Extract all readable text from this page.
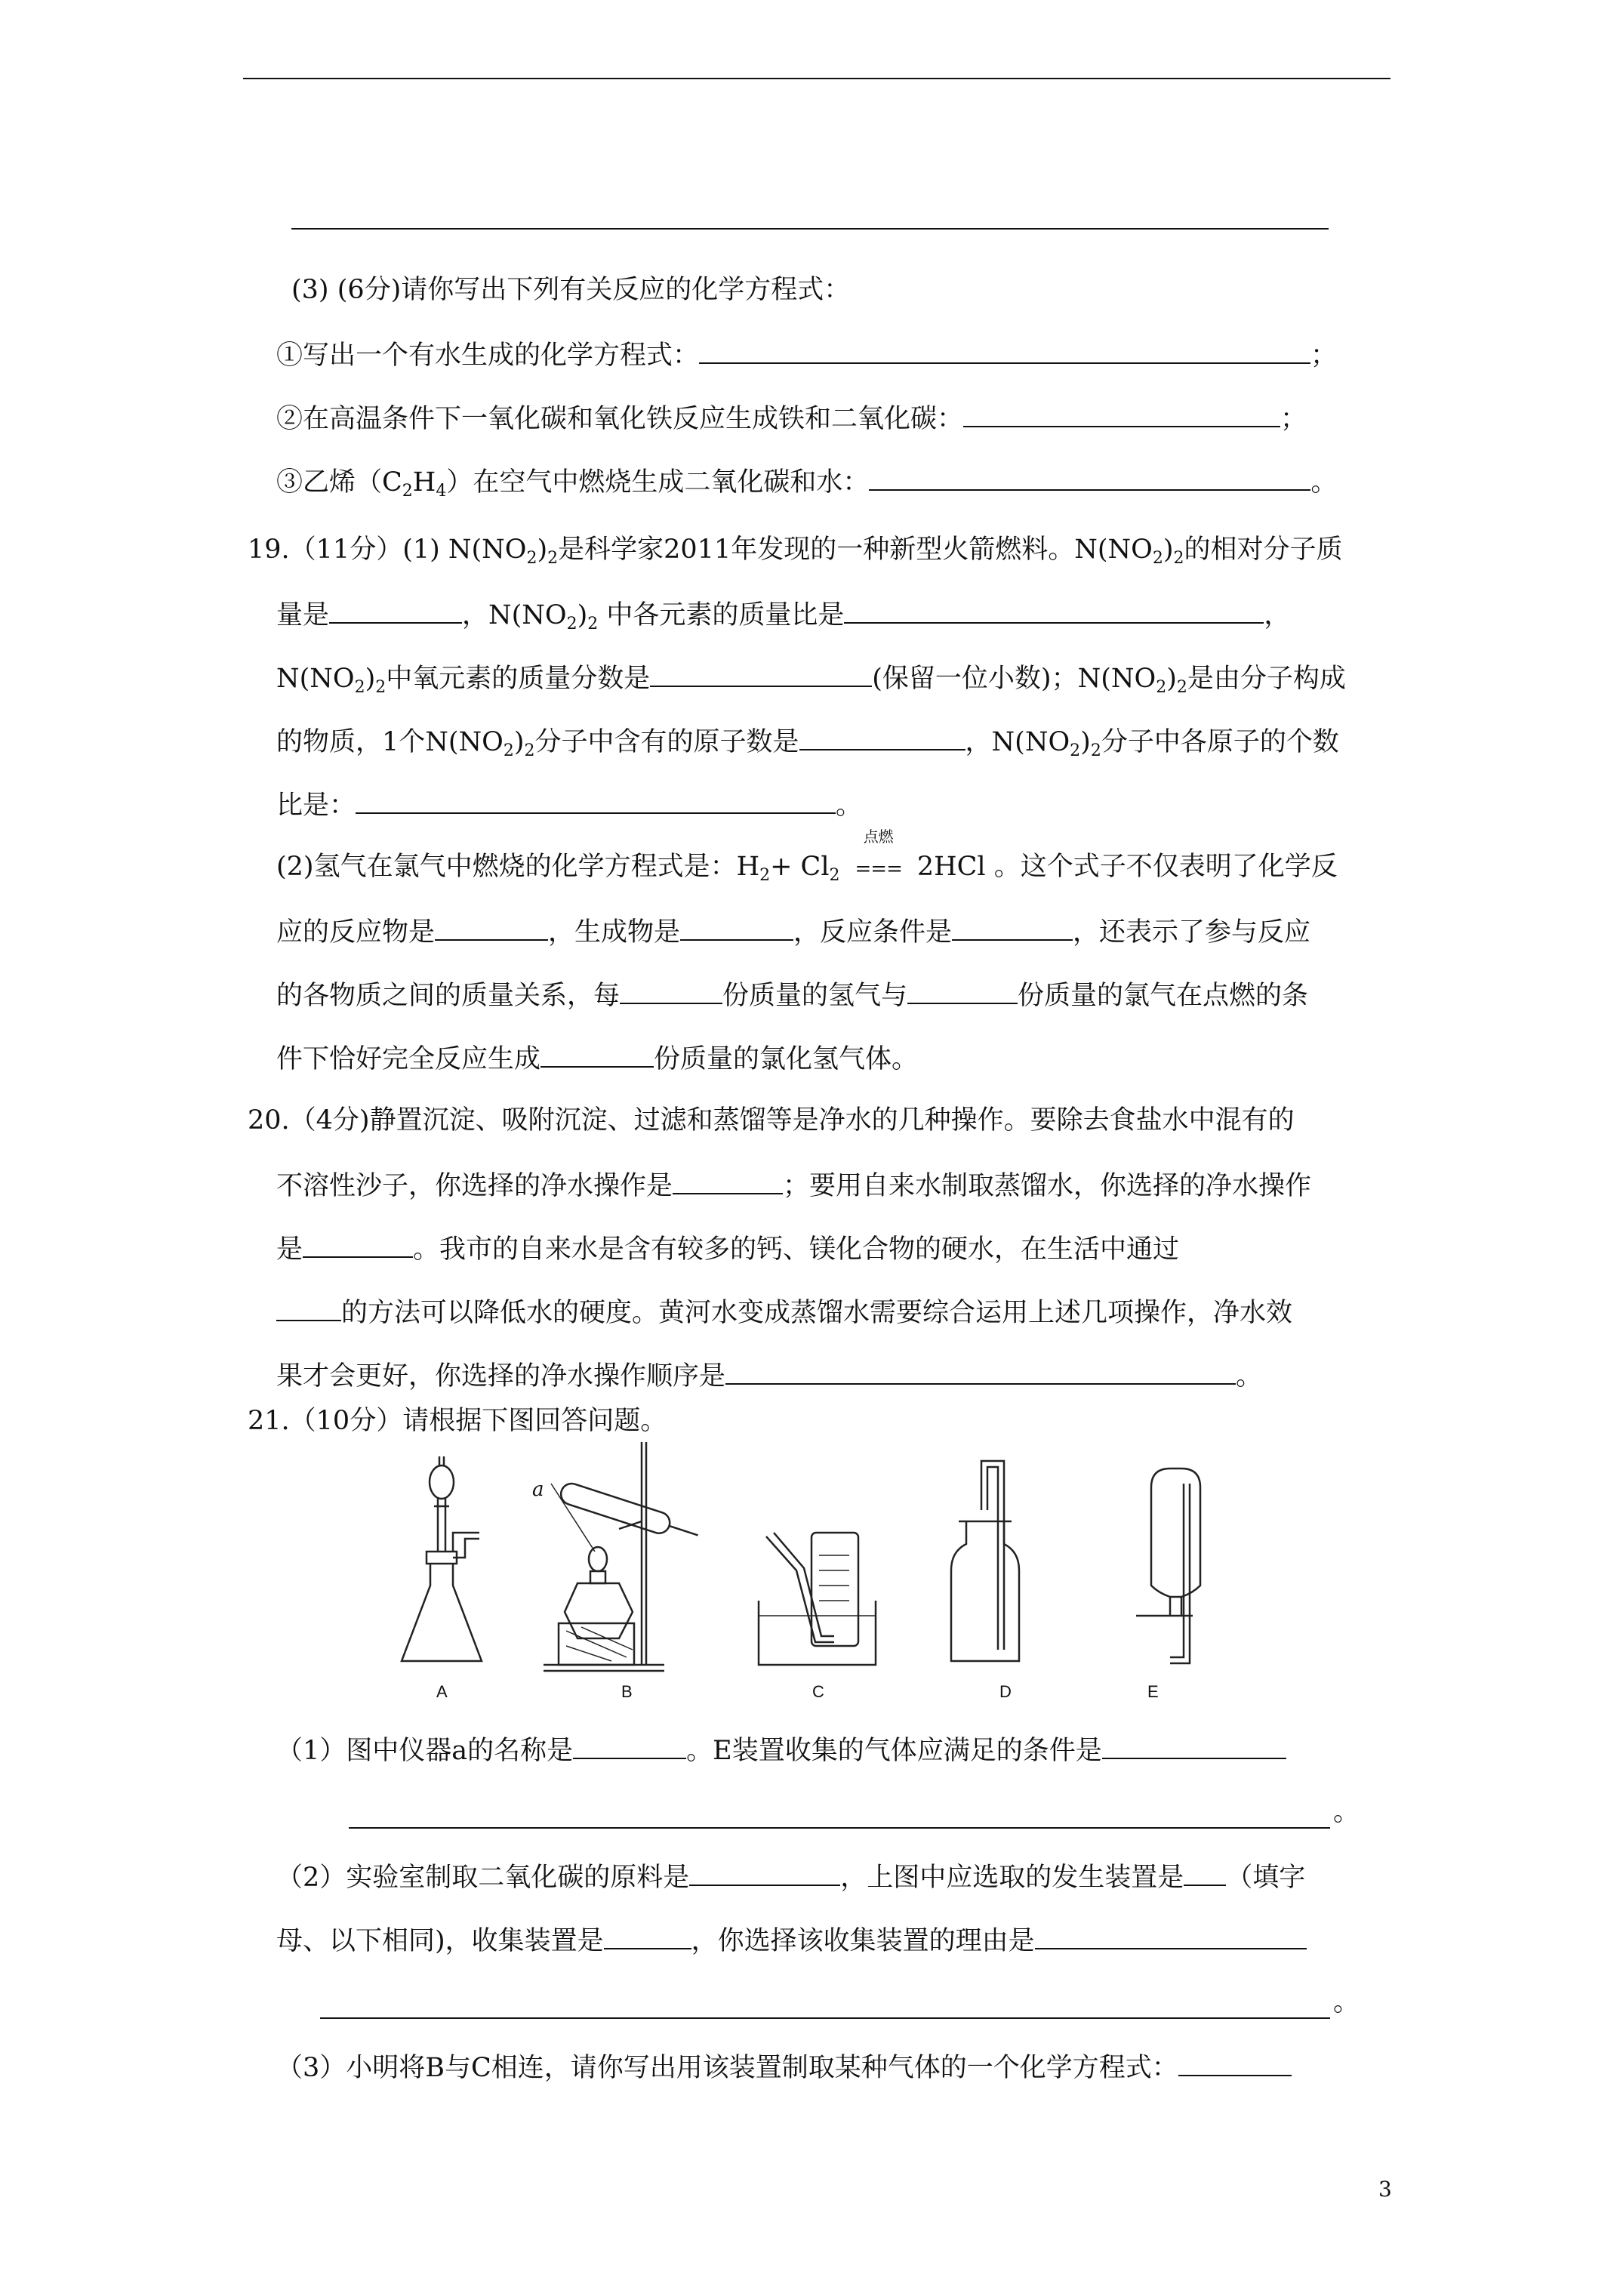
(3) (6分)请你写出下列有关反应的化学方程式：
①写出一个有水生成的化学方程式：	；
②在高温条件下一氧化碳和氧化铁反应生成铁和二氧化碳：	；
③乙烯$(C_2H_4)$在空气中燃烧生成二氧化碳和水：	。
19.（11分）(1) $N(NO_2)_2$是科学家2011年发现的一种新型火箭燃料。$N(NO_2)_2$的相对分子质
量是	，$N(NO_2)_2$ 中各元素的质量比是	，
$N(NO_2)_2$中氧元素的质量分数是	(保留一位小数)；$N(NO_2)_2$是由分子构成
的物质，1个$N(NO_2)_2$分子中含有的原子数是	，$N(NO_2)_2$分子中各原子的个数
比是：	。
(2)氢气在氯气中燃烧的化学方程式是：$H_2+ Cl_2$
点燃
=== 2HCl 。这个式子不仅表明了化学反
应的反应物是	，生成物是	，反应条件是	，还表示了参与反应
的各物质之间的质量关系，每	份质量的氢气与	份质量的氯气在点燃的条
件下恰好完全反应生成	份质量的氯化氢气体。
20.（4分)静置沉淀、吸附沉淀、过滤和蒸馏等是净水的几种操作。要除去食盐水中混有的
不溶性沙子，你选择的净水操作是	；要用自来水制取蒸馏水，你选择的净水操作
是	。我市的自来水是含有较多的钙、镁化合物的硬水，在生活中通过
的方法可以降低水的硬度。黄河水变成蒸馏水需要综合运用上述几项操作，净水效
果才会更好，你选择的净水操作顺序是	。
21.（10分）请根据下图回答问题。
a
A	B	C	D	E
（1）图中仪器a的名称是	。E装置收集的气体应满足的条件是
。
（2）实验室制取二氧化碳的原料是	，上图中应选取的发生装置是 （填字
母、以下相同)，收集装置是	，你选择该收集装置的理由是
。
（3）小明将B与C相连，请你写出用该装置制取某种气体的一个化学方程式：
3
